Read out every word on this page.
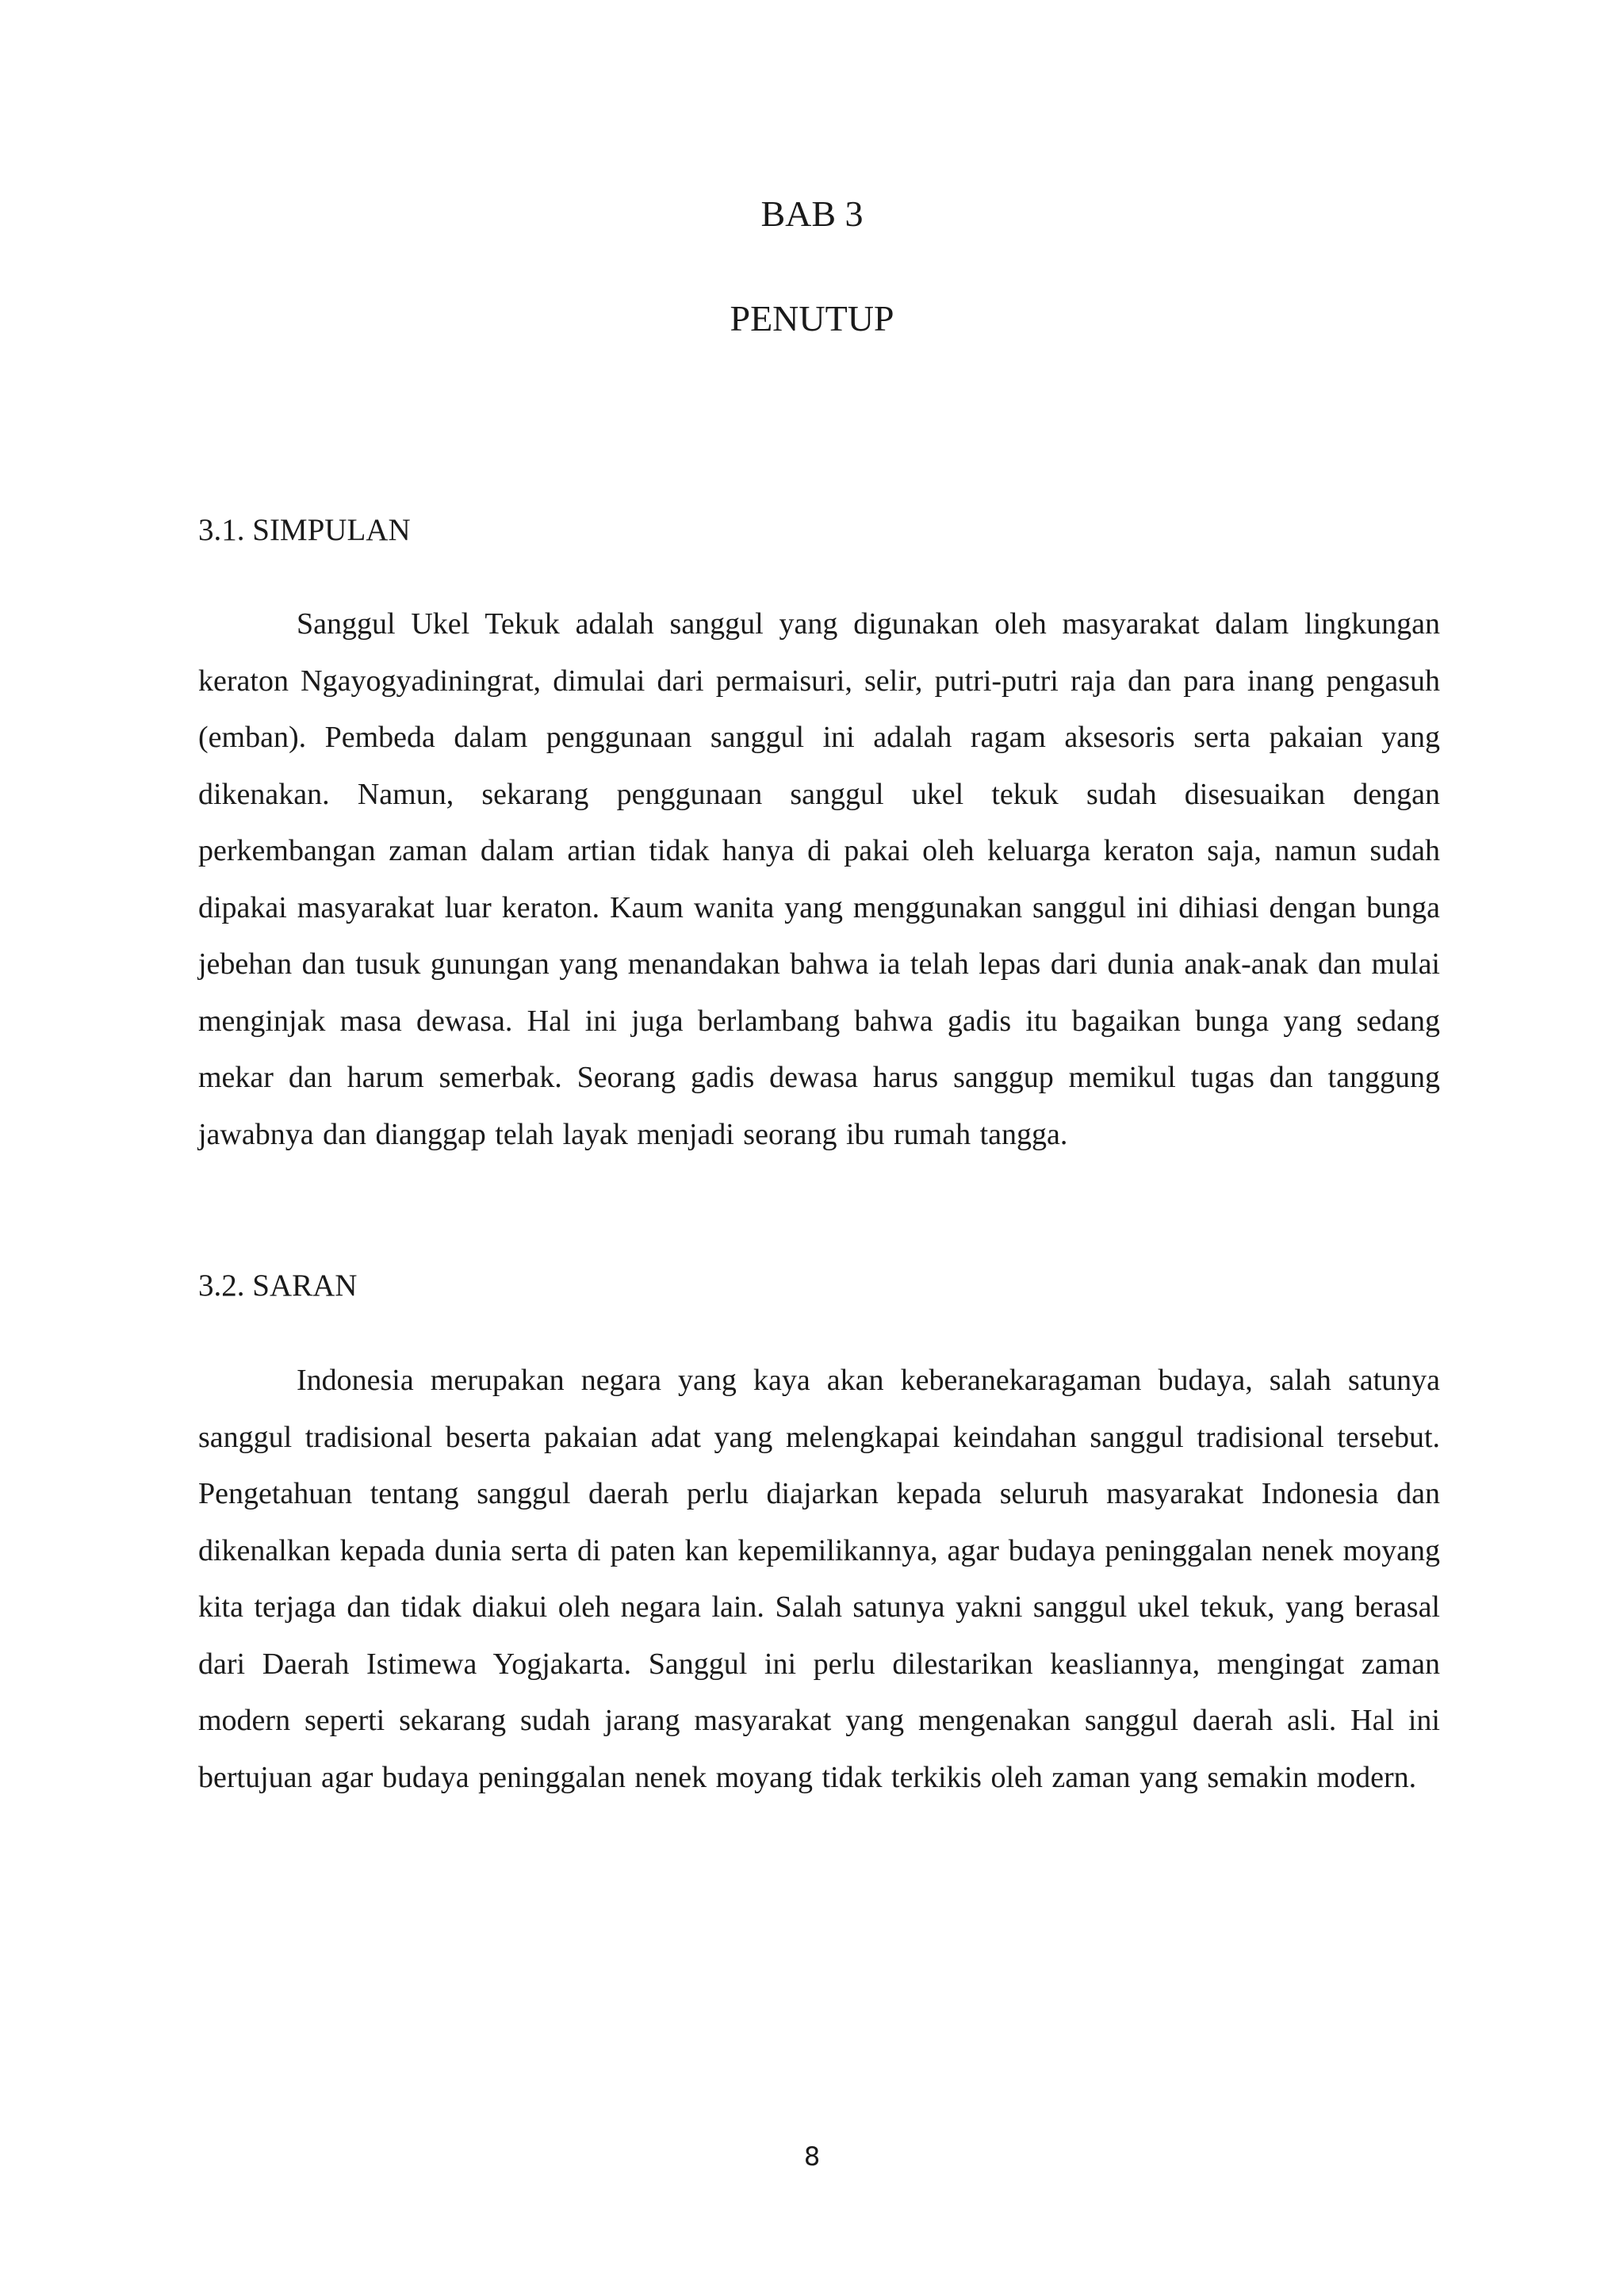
BAB 3
PENUTUP
3.1. SIMPULAN

Sanggul Ukel Tekuk adalah sanggul yang digunakan oleh masyarakat dalam lingkungan keraton Ngayogyadiningrat, dimulai dari permaisuri, selir, putri-putri raja dan para inang pengasuh (emban). Pembeda dalam penggunaan sanggul ini adalah ragam aksesoris serta pakaian yang dikenakan. Namun, sekarang penggunaan sanggul ukel tekuk sudah disesuaikan dengan perkembangan zaman dalam artian tidak hanya di pakai oleh keluarga keraton saja, namun sudah dipakai masyarakat luar keraton. Kaum wanita yang menggunakan sanggul ini dihiasi dengan bunga jebehan dan tusuk gunungan yang menandakan bahwa ia telah lepas dari dunia anak-anak dan mulai menginjak masa dewasa. Hal ini juga berlambang bahwa gadis itu bagaikan bunga yang sedang mekar dan harum semerbak. Seorang gadis dewasa harus sanggup memikul tugas dan tanggung jawabnya dan dianggap telah layak menjadi seorang ibu rumah tangga.

3.2. SARAN

Indonesia merupakan negara yang kaya akan keberanekaragaman budaya, salah satunya sanggul tradisional beserta pakaian adat yang melengkapai keindahan sanggul tradisional tersebut. Pengetahuan tentang sanggul daerah perlu diajarkan kepada seluruh masyarakat Indonesia dan dikenalkan kepada dunia serta di paten kan kepemilikannya, agar budaya peninggalan nenek moyang kita terjaga dan tidak diakui oleh negara lain. Salah satunya yakni sanggul ukel tekuk, yang berasal dari Daerah Istimewa Yogjakarta. Sanggul ini perlu dilestarikan keasliannya, mengingat zaman modern seperti sekarang sudah jarang masyarakat yang mengenakan sanggul daerah asli. Hal ini bertujuan agar budaya peninggalan nenek moyang tidak terkikis oleh zaman yang semakin modern.

8
